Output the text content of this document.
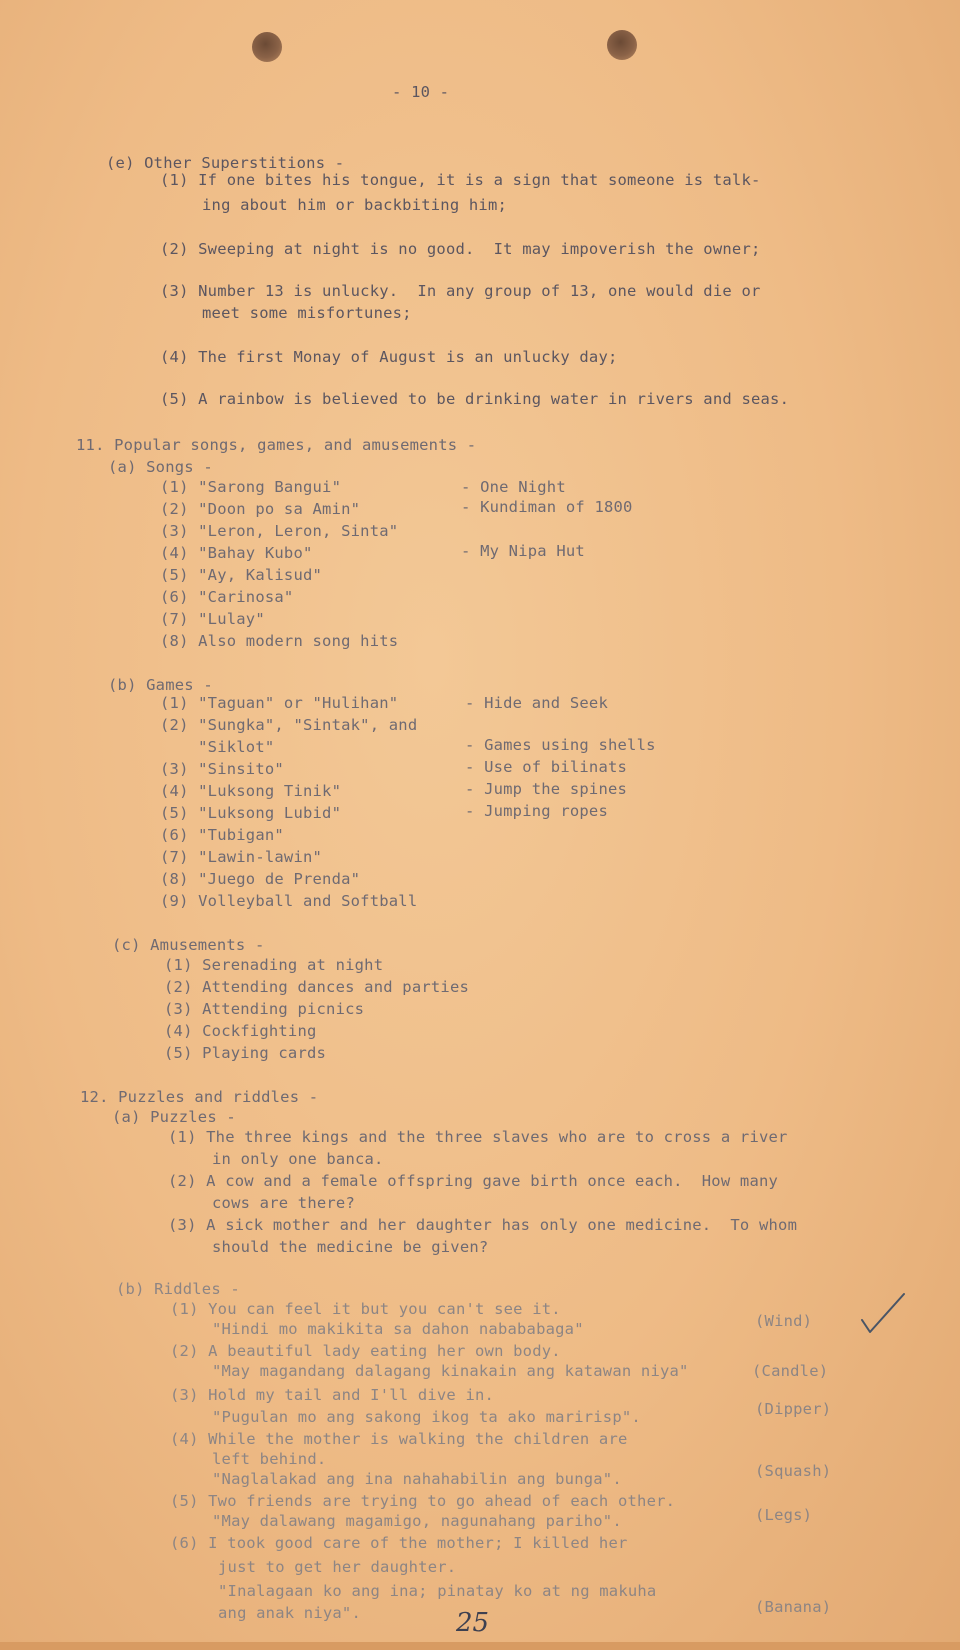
- 10 -
(e) Other Superstitions -
(1) If one bites his tongue, it is a sign that someone is talk-
ing about him or backbiting him;
(2) Sweeping at night is no good.  It may impoverish the owner;
(3) Number 13 is unlucky.  In any group of 13, one would die or
meet some misfortunes;
(4) The first Monay of August is an unlucky day;
(5) A rainbow is believed to be drinking water in rivers and seas.
11. Popular songs, games, and amusements -
(a) Songs -
(1) "Sarong Bangui"	- One Night
(2) "Doon po sa Amin"	- Kundiman of 1800
(3) "Leron, Leron, Sinta"
(4) "Bahay Kubo"	- My Nipa Hut
(5) "Ay, Kalisud"
(6) "Carinosa"
(7) "Lulay"
(8) Also modern song hits
(b) Games -
(1) "Taguan" or "Hulihan"	- Hide and Seek
(2) "Sungka", "Sintak", and
"Siklot"	- Games using shells
(3) "Sinsito"	- Use of bilinats
(4) "Luksong Tinik"	- Jump the spines
(5) "Luksong Lubid"	- Jumping ropes
(6) "Tubigan"
(7) "Lawin-lawin"
(8) "Juego de Prenda"
(9) Volleyball and Softball
(c) Amusements -
(1) Serenading at night
(2) Attending dances and parties
(3) Attending picnics
(4) Cockfighting
(5) Playing cards
12. Puzzles and riddles -
(a) Puzzles -
(1) The three kings and the three slaves who are to cross a river
in only one banca.
(2) A cow and a female offspring gave birth once each.  How many
cows are there?
(3) A sick mother and her daughter has only one medicine.  To whom
should the medicine be given?
(b) Riddles -
(1) You can feel it but you can't see it.
"Hindi mo makikita sa dahon nabababaga"	(Wind)
(2) A beautiful lady eating her own body.
"May magandang dalagang kinakain ang katawan niya"	(Candle)
(3) Hold my tail and I'll dive in.
"Pugulan mo ang sakong ikog ta ako maririsp".	(Dipper)
(4) While the mother is walking the children are
left behind.
"Naglalakad ang ina nahahabilin ang bunga".	(Squash)
(5) Two friends are trying to go ahead of each other.
"May dalawang magamigo, nagunahang pariho".	(Legs)
(6) I took good care of the mother; I killed her
just to get her daughter.
"Inalagaan ko ang ina; pinatay ko at ng makuha
ang anak niya".	(Banana)
25
